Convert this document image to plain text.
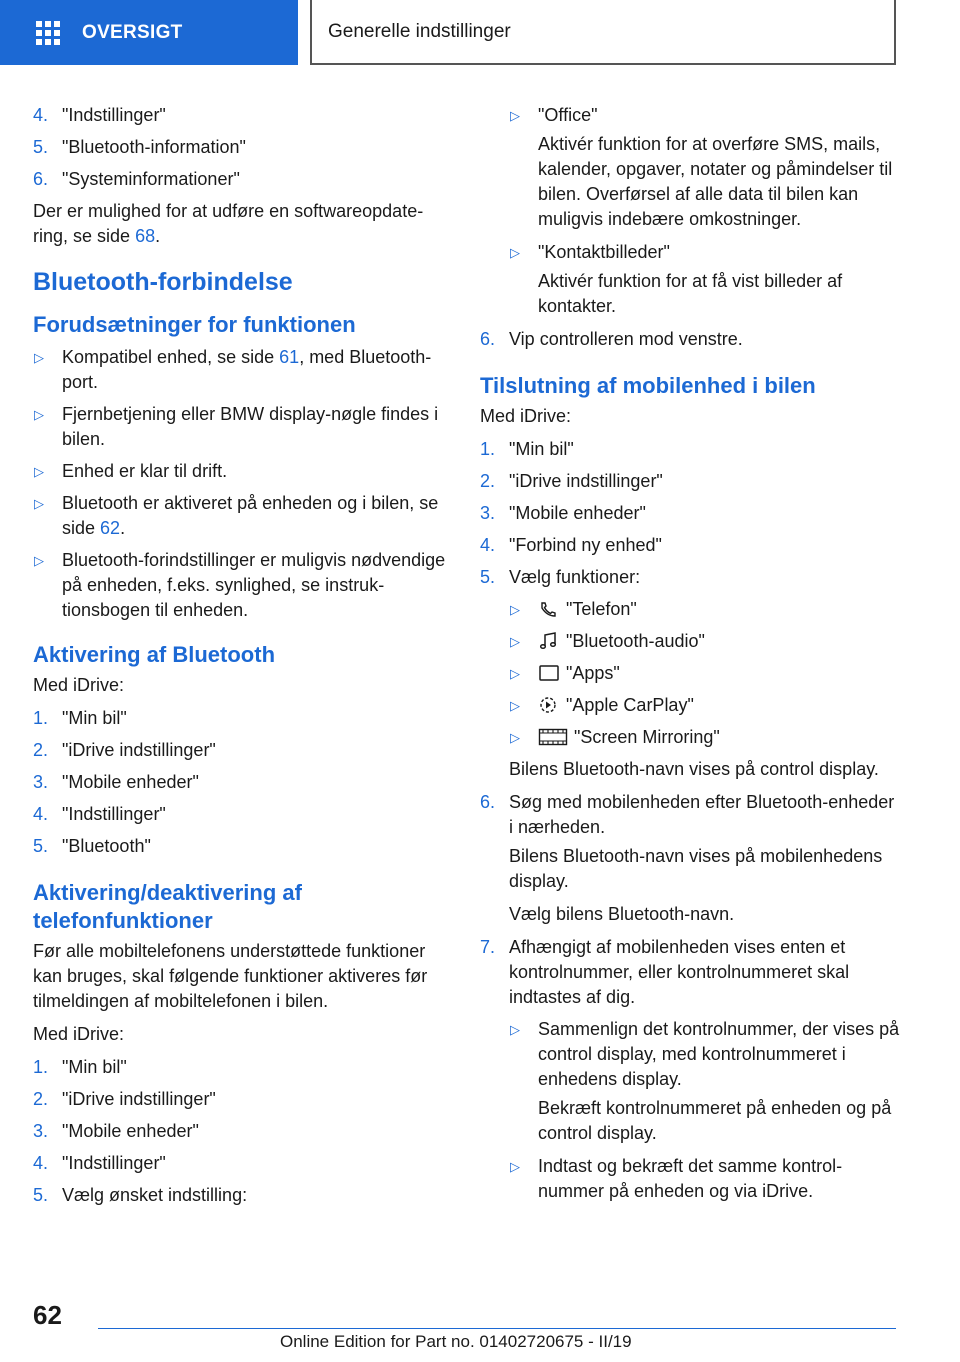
OVERSIGT	Generelle indstillinger
4. "Indstillinger"
5. "Bluetooth-information"
6. "Systeminformationer"

Der er mulighed for at udføre en softwareopdatering, se side 68.

Bluetooth-forbindelse
Forudsætninger for funktionen
▷	Kompatibel enhed, se side 61, med Bluetooth-port.
▷	Fjernbetjening eller BMW display-nøgle findes i bilen.
▷	Enhed er klar til drift.
▷	Bluetooth er aktiveret på enheden og i bilen, se side 62.
▷	Bluetooth-forindstillinger er muligvis nødvendige på enheden, f.eks. synlighed, se instruktionsbogen til enheden.
Aktivering af Bluetooth

Med iDrive:

1. "Min bil"
2. "iDrive indstillinger"
3. "Mobile enheder"
4. "Indstillinger"
5. "Bluetooth"
Aktivering/deaktivering af telefonfunktioner

Før alle mobiltelefonens understøttede funktioner kan bruges, skal følgende funktioner aktiveres før tilmeldingen af mobiltelefonen i bilen.

Med iDrive:

1. "Min bil"
2. "iDrive indstillinger"
3. "Mobile enheder"
4. "Indstillinger"
5. Vælg ønsket indstilling:
▷	"Office"

Aktivér funktion for at overføre SMS, mails, kalender, opgaver, notater og påmindelser til bilen. Overførsel af alle data til bilen kan muligvis indebære omkostninger.

▷	"Kontaktbilleder"

Aktivér funktion for at få vist billeder af kontakter.

6. Vip controlleren mod venstre.
Tilslutning af mobilenhed i bilen

Med iDrive:

1. "Min bil"
2. "iDrive indstillinger"
3. "Mobile enheder"
4. "Forbind ny enhed"
5. Vælg funktioner:
▷	"Telefon"
▷	"Bluetooth-audio"
▷	"Apps"
▷	"Apple CarPlay"
▷	"Screen Mirroring"

Bilens Bluetooth-navn vises på control display.

6. Søg med mobilenheden efter Bluetooth-enheder i nærheden.

Bilens Bluetooth-navn vises på mobilenhedens display.

Vælg bilens Bluetooth-navn.

7. Afhængigt af mobilenheden vises enten et kontrolnummer, eller kontrolnummeret skal indtastes af dig.
▷	Sammenlign det kontrolnummer, der vises på control display, med kontrolnummeret i enhedens display.

Bekræft kontrolnummeret på enheden og på control display.

▷	Indtast og bekræft det samme kontrolnummer på enheden og via iDrive.
62
Online Edition for Part no. 01402720675 - II/19
